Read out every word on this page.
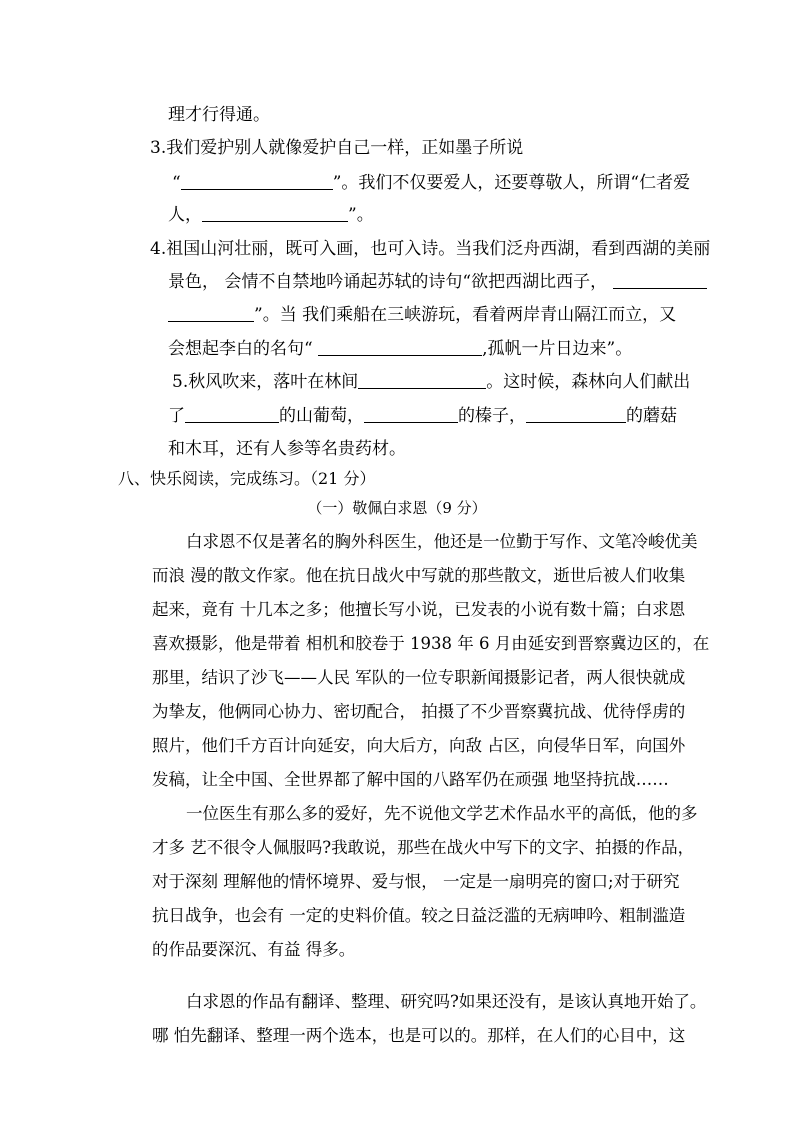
理才行得通。
3.我们爱护别人就像爱护自己一样，正如墨子所说
“	”。我们不仅要爱人，还要尊敬人，所谓“仁者爱
人，	”。
4.祖国山河壮丽，既可入画，也可入诗。当我们泛舟西湖，看到西湖的美丽
景色， 会情不自禁地吟诵起苏轼的诗句“欲把西湖比西子，
”。当 我们乘船在三峡游玩，看着两岸青山隔江而立，又
会想起李白的名句“	,孤帆一片日边来”。
5.秋风吹来，落叶在林间	。这时候，森林向人们献出
了	的山葡萄，	的榛子，	的蘑菇
和木耳，还有人参等名贵药材。
八、快乐阅读，完成练习。（21 分）
（一）敬佩白求恩（9 分）
白求恩不仅是著名的胸外科医生，他还是一位勤于写作、文笔冷峻优美
而浪 漫的散文作家。他在抗日战火中写就的那些散文，逝世后被人们收集
起来，竟有 十几本之多；他擅长写小说，已发表的小说有数十篇；白求恩
喜欢摄影，他是带着 相机和胶卷于 1938 年 6 月由延安到晋察冀边区的，在
那里，结识了沙飞——人民 军队的一位专职新闻摄影记者，两人很快就成
为挚友，他俩同心协力、密切配合， 拍摄了不少晋察冀抗战、优待俘虏的
照片，他们千方百计向延安，向大后方，向敌 占区，向侵华日军，向国外
发稿，让全中国、全世界都了解中国的八路军仍在顽强 地坚持抗战……
一位医生有那么多的爱好，先不说他文学艺术作品水平的高低，他的多
才多 艺不很令人佩服吗?我敢说，那些在战火中写下的文字、拍摄的作品，
对于深刻 理解他的情怀境界、爱与恨， 一定是一扇明亮的窗口;对于研究
抗日战争，也会有 一定的史料价值。较之日益泛滥的无病呻吟、粗制滥造
的作品要深沉、有益 得多。
白求恩的作品有翻译、整理、研究吗?如果还没有，是该认真地开始了。
哪 怕先翻译、整理一两个选本，也是可以的。那样，在人们的心目中，这
